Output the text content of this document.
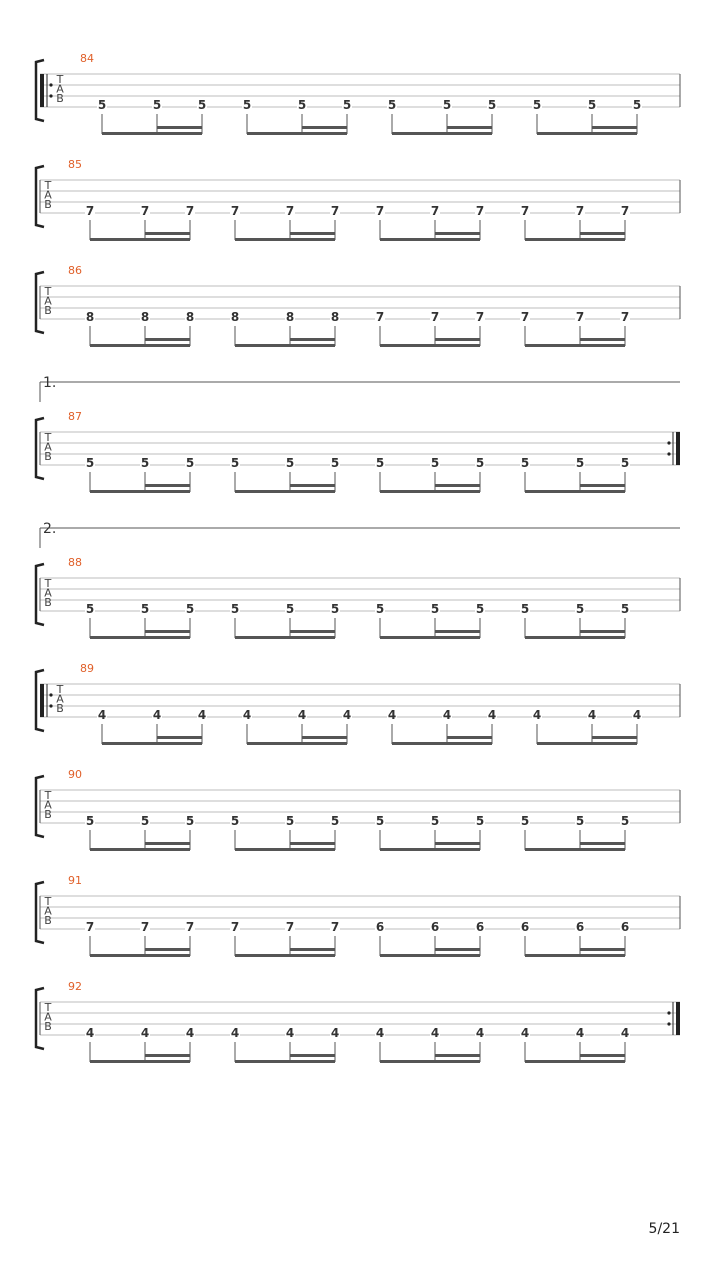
84
T
A
B	5	5	5	5	5	5	5	5	5	5	5	5
85
T
A
B	7	7	7	7	7	7	7	7	7	7	7	7
86
T
A
B	8	8	8	8	8	8	7	7	7	7	7	7
1.
87
T
A
B	5	5	5	5	5	5	5	5	5	5	5	5
2.
88
T
A
B	5	5	5	5	5	5	5	5	5	5	5	5
89
T
A
B	4	4	4	4	4	4	4	4	4	4	4	4
90
T
A
B	5	5	5	5	5	5	5	5	5	5	5	5
91
T
A
B	7	7	7	7	7	7	6	6	6	6	6	6
92
T
A
B	4	4	4	4	4	4	4	4	4	4	4	4
5/21
